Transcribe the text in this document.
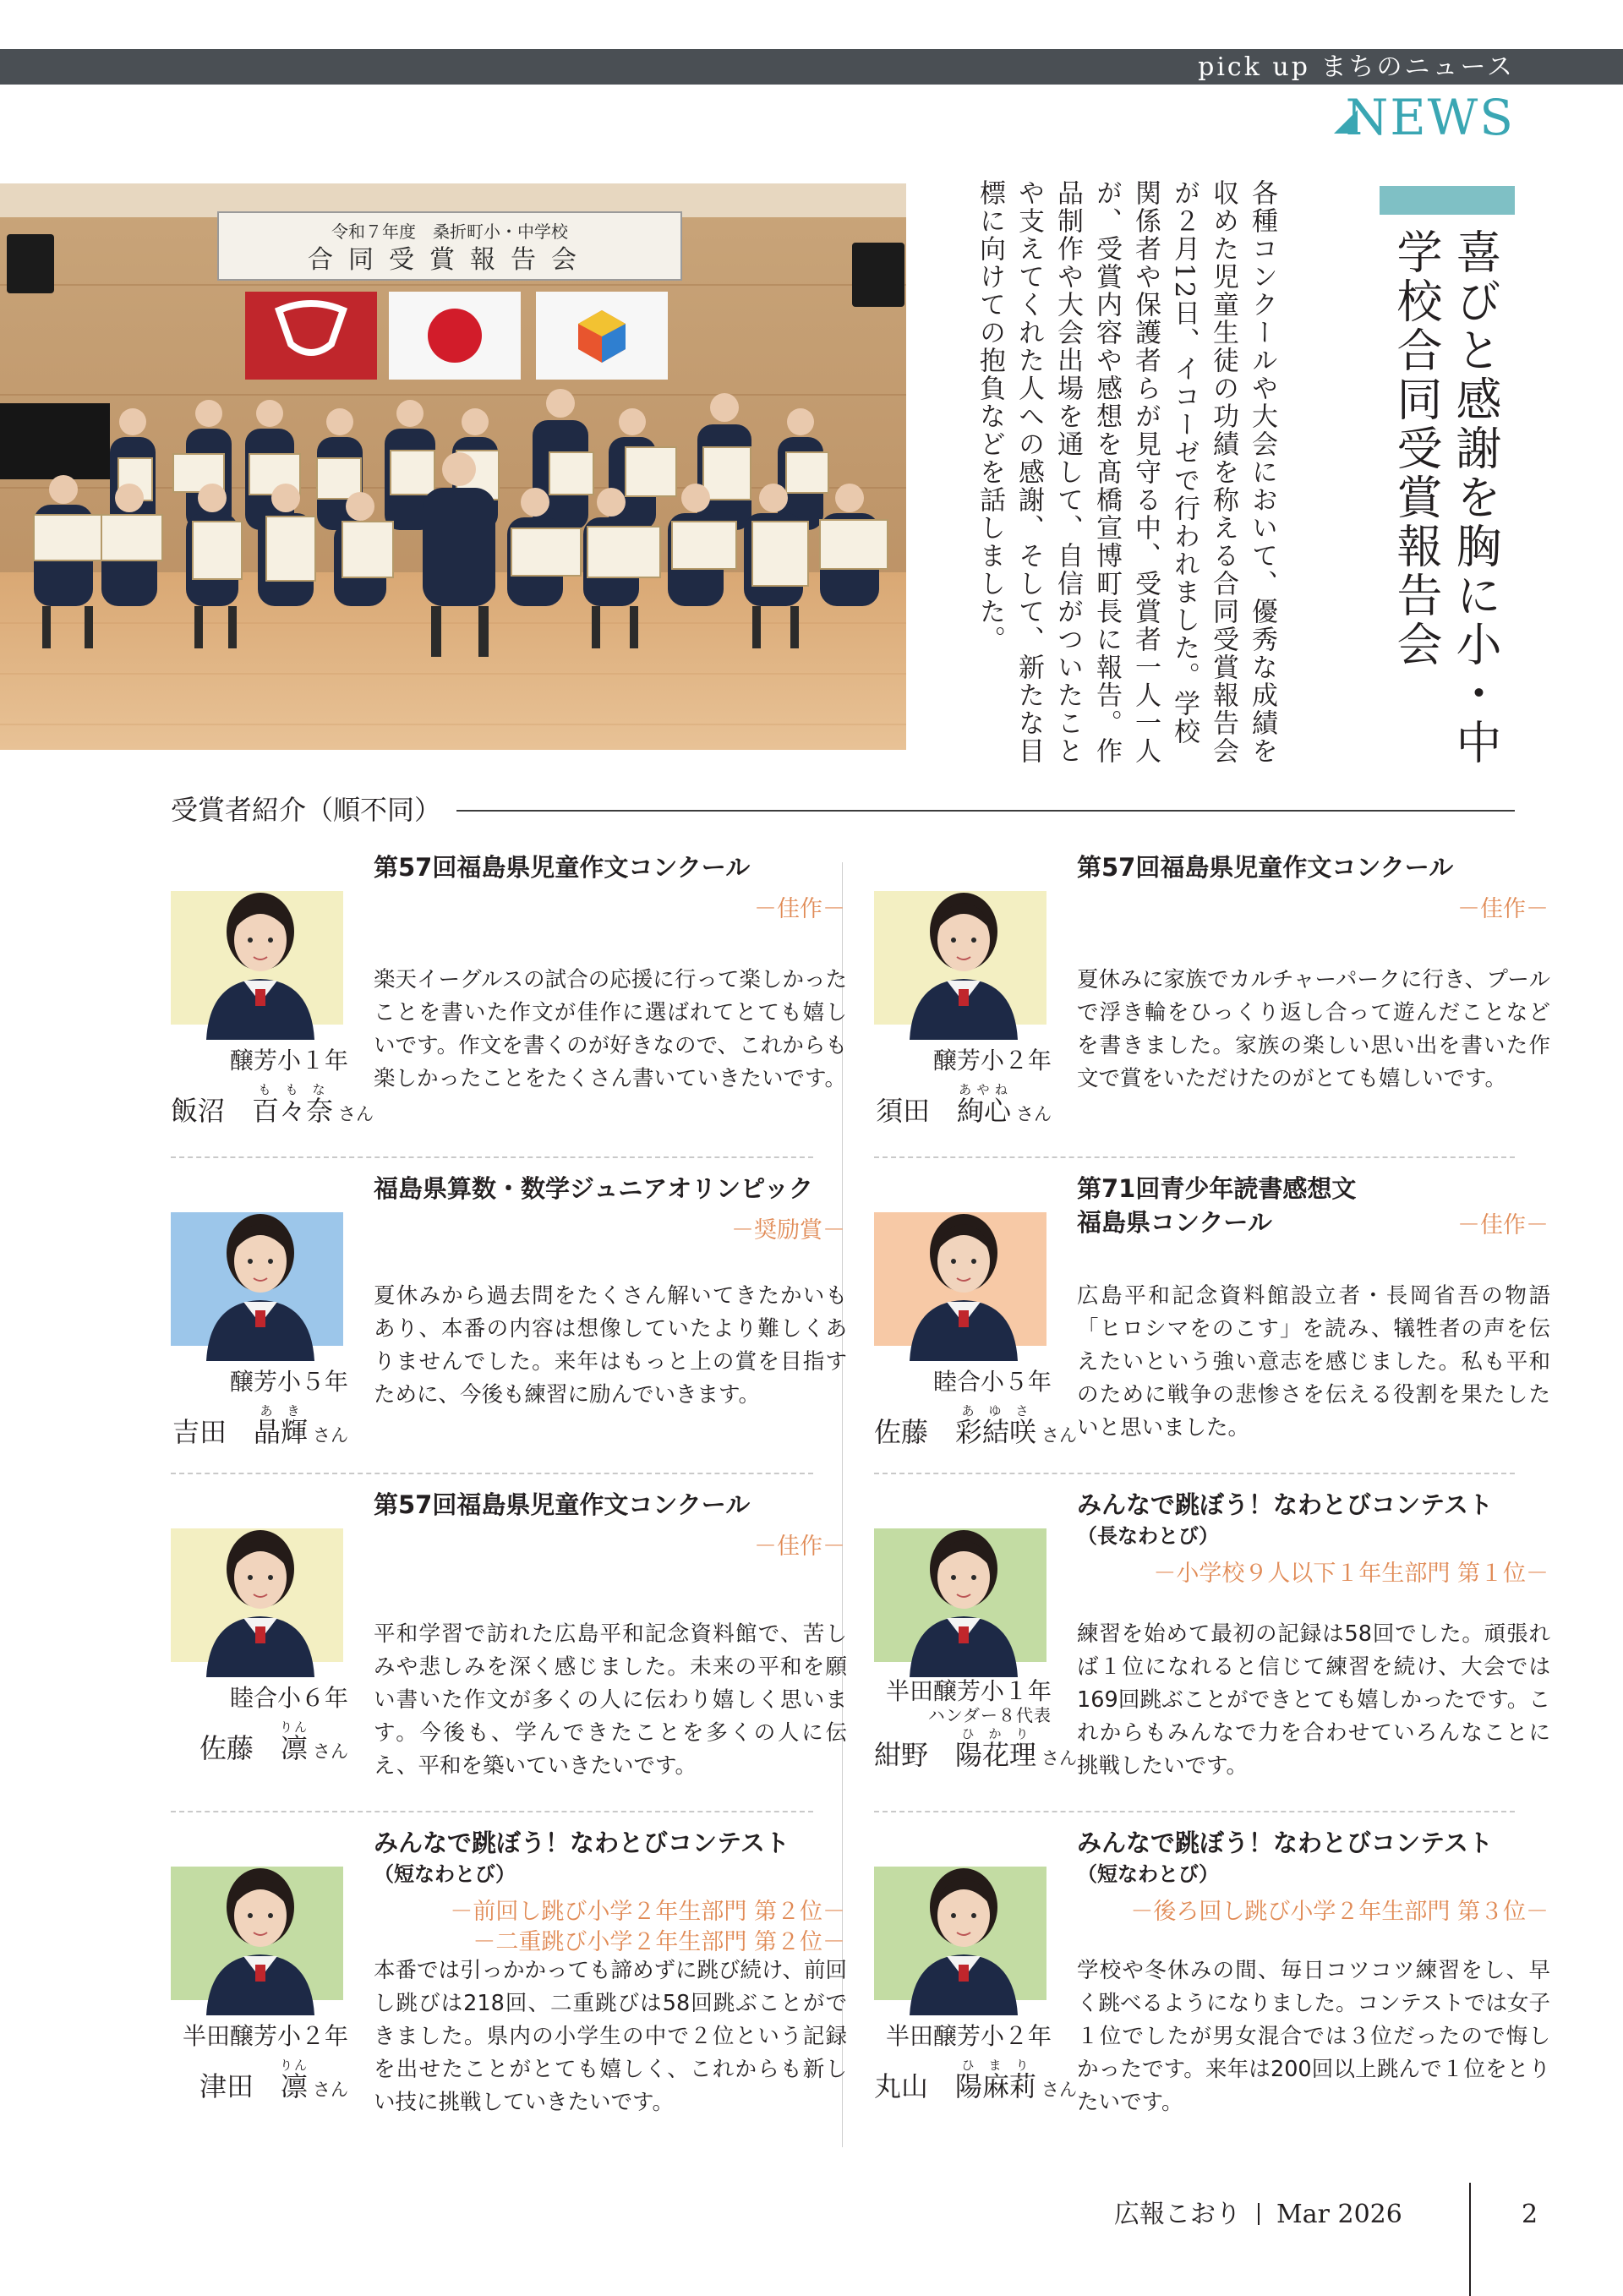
pick up まちのニュース
NEWS
令和７年度　桑折町小・中学校
合同受賞報告会	喜びと感謝を胸に小・中学校合同受賞報告会
各種コンクールや大会において、優秀な成績を収めた児童生徒の功績を称える合同受賞報告会が２月12日、イコーゼで行われました。学校関係者や保護者らが見守る中、受賞者一人一人が、受賞内容や感想を髙橋宣博町長に報告。作品制作や大会出場を通して、自信がついたことや支えてくれた人への感謝、そして、新たな目標に向けての抱負などを話しました。
受賞者紹介（順不同）
醸芳小１年
飯沼　 百々奈ももなさん
第57回福島県児童作文コンクール
－佳作－
楽天イーグルスの試合の応援に行って楽しかったことを書いた作文が佳作に選ばれてとても嬉しいです。作文を書くのが好きなので、これからも楽しかったことをたくさん書いていきたいです。
醸芳小２年
須田　 絢心あやねさん
第57回福島県児童作文コンクール
－佳作－
夏休みに家族でカルチャーパークに行き、プールで浮き輪をひっくり返し合って遊んだことなどを書きました。家族の楽しい思い出を書いた作文で賞をいただけたのがとても嬉しいです。
醸芳小５年
吉田　 晶輝あきさん
福島県算数・数学ジュニアオリンピック
－奨励賞－
夏休みから過去問をたくさん解いてきたかいもあり、本番の内容は想像していたより難しくありませんでした。来年はもっと上の賞を目指すために、今後も練習に励んでいきます。	睦合小５年
佐藤　 彩結咲あゆささん
第71回青少年読書感想文
福島県コンクール	－佳作－
広島平和記念資料館設立者・長岡省吾の物語「ヒロシマをのこす」を読み、犠牲者の声を伝えたいという強い意志を感じました。私も平和のために戦争の悲惨さを伝える役割を果たしたいと思いました。
睦合小６年
佐藤　 凛りんさん
第57回福島県児童作文コンクール
－佳作－
平和学習で訪れた広島平和記念資料館で、苦しみや悲しみを深く感じました。未来の平和を願い書いた作文が多くの人に伝わり嬉しく思います。今後も、学んできたことを多くの人に伝え、平和を築いていきたいです。
半田醸芳小１年
ハンダー８代表
紺野　 陽花理ひかりさん
みんなで跳ぼう！なわとびコンテスト
（長なわとび）
－小学校９人以下１年生部門 第１位－
練習を始めて最初の記録は58回でした。頑張れば１位になれると信じて練習を続け、大会では169回跳ぶことができとても嬉しかったです。これからもみんなで力を合わせていろんなことに挑戦したいです。
半田醸芳小２年
津田　 凛りんさん
みんなで跳ぼう！なわとびコンテスト
（短なわとび）
－前回し跳び小学２年生部門 第２位－
－二重跳び小学２年生部門 第２位－
本番では引っかかっても諦めずに跳び続け、前回し跳びは218回、二重跳びは58回跳ぶことができました。県内の小学生の中で２位という記録を出せたことがとても嬉しく、これからも新しい技に挑戦していきたいです。
半田醸芳小２年
丸山　 陽麻莉ひまりさん
みんなで跳ぼう！なわとびコンテスト
（短なわとび）
－後ろ回し跳び小学２年生部門 第３位－
学校や冬休みの間、毎日コツコツ練習をし、早く跳べるようになりました。コンテストでは女子１位でしたが男女混合では３位だったので悔しかったです。来年は200回以上跳んで１位をとりたいです。
広報こおり Mar 2026	2
